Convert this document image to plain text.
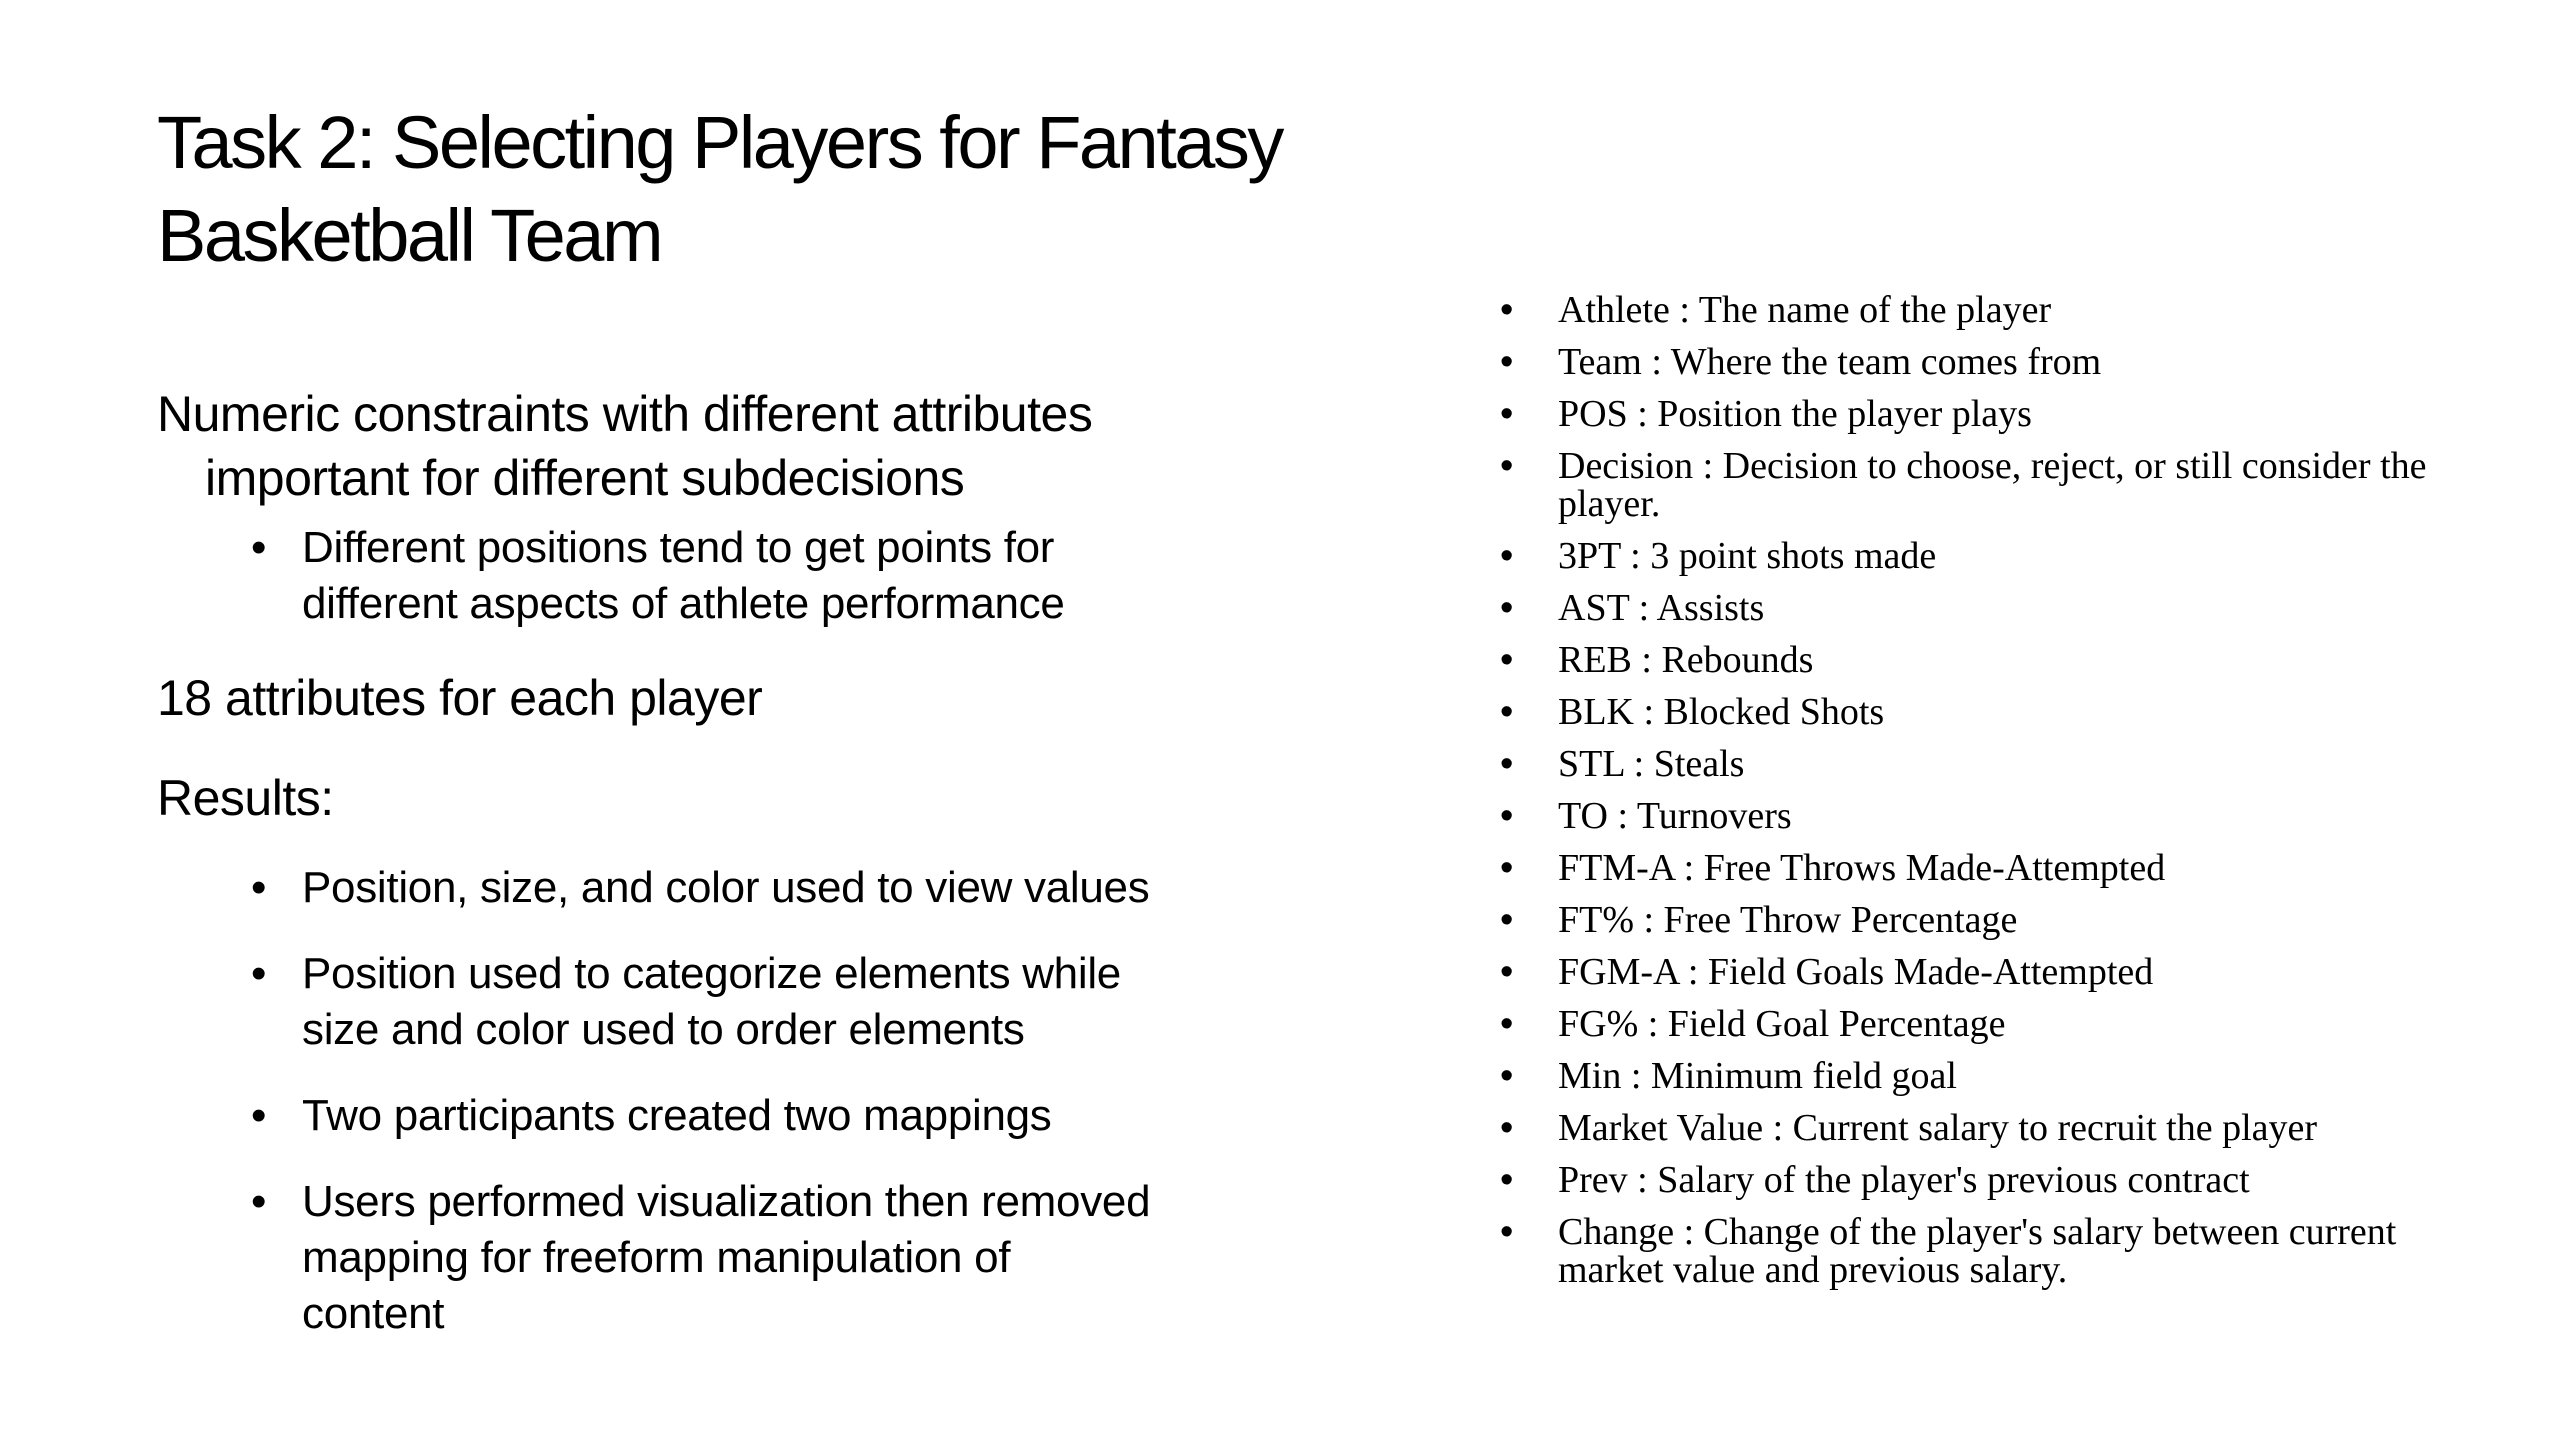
Task 2: Selecting Players for Fantasy
Basketball Team

Numeric constraints with different attributes
important for different subdecisions

• Different positions tend to get points for
different aspects of athlete performance

18 attributes for each player

Results:

• Position, size, and color used to view values
• Position used to categorize elements while
size and color used to order elements
• Two participants created two mappings
• Users performed visualization then removed
mapping for freeform manipulation of
content
• Athlete : The name of the player
• Team : Where the team comes from
• POS : Position the player plays
• Decision : Decision to choose, reject, or still consider the
player.
• 3PT : 3 point shots made
• AST : Assists
• REB : Rebounds
• BLK : Blocked Shots
• STL : Steals
• TO : Turnovers
• FTM-A : Free Throws Made-Attempted
• FT% : Free Throw Percentage
• FGM-A : Field Goals Made-Attempted
• FG% : Field Goal Percentage
• Min : Minimum field goal
• Market Value : Current salary to recruit the player
• Prev : Salary of the player's previous contract
• Change : Change of the player's salary between current
market value and previous salary.
